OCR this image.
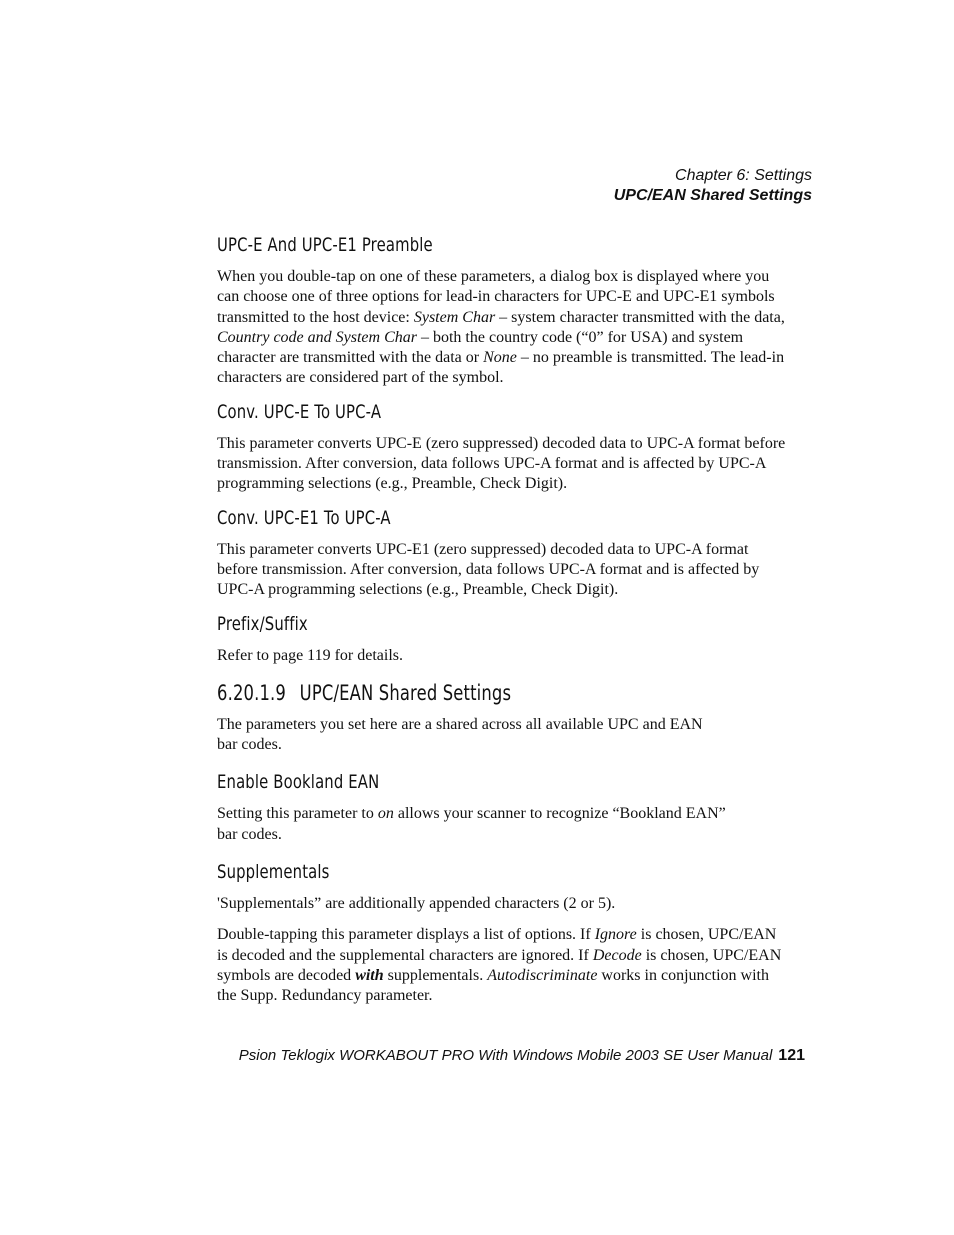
Chapter 6: Settings
UPC/EAN Shared Settings
UPC-E And UPC-E1 Preamble

When you double-tap on one of these parameters, a dialog box is displayed where you can choose one of three options for lead-in characters for UPC-E and UPC-E1 symbols transmitted to the host device: System Char – system character transmitted with the data, Country code and System Char – both the country code (“0” for USA) and system character are transmitted with the data or None – no preamble is transmitted. The lead-in characters are considered part of the symbol.

Conv. UPC-E To UPC-A

This parameter converts UPC-E (zero suppressed) decoded data to UPC-A format before transmission. After conversion, data follows UPC-A format and is affected by UPC-A programming selections (e.g., Preamble, Check Digit).

Conv. UPC-E1 To UPC-A

This parameter converts UPC-E1 (zero suppressed) decoded data to UPC-A format before transmission. After conversion, data follows UPC-A format and is affected by UPC-A programming selections (e.g., Preamble, Check Digit).

Prefix/Suffix

Refer to page 119 for details.

6.20.1.9 UPC/EAN Shared Settings

The parameters you set here are a shared across all available UPC and EAN
bar codes.

Enable Bookland EAN

Setting this parameter to on allows your scanner to recognize “Bookland EAN”
bar codes.

Supplementals

'Supplementals” are additionally appended characters (2 or 5).

Double-tapping this parameter displays a list of options. If Ignore is chosen, UPC/EAN is decoded and the supplemental characters are ignored. If Decode is chosen, UPC/EAN symbols are decoded with supplementals. Autodiscriminate works in conjunction with the Supp. Redundancy parameter.

Psion Teklogix WORKABOUT PRO With Windows Mobile 2003 SE User Manual 121
